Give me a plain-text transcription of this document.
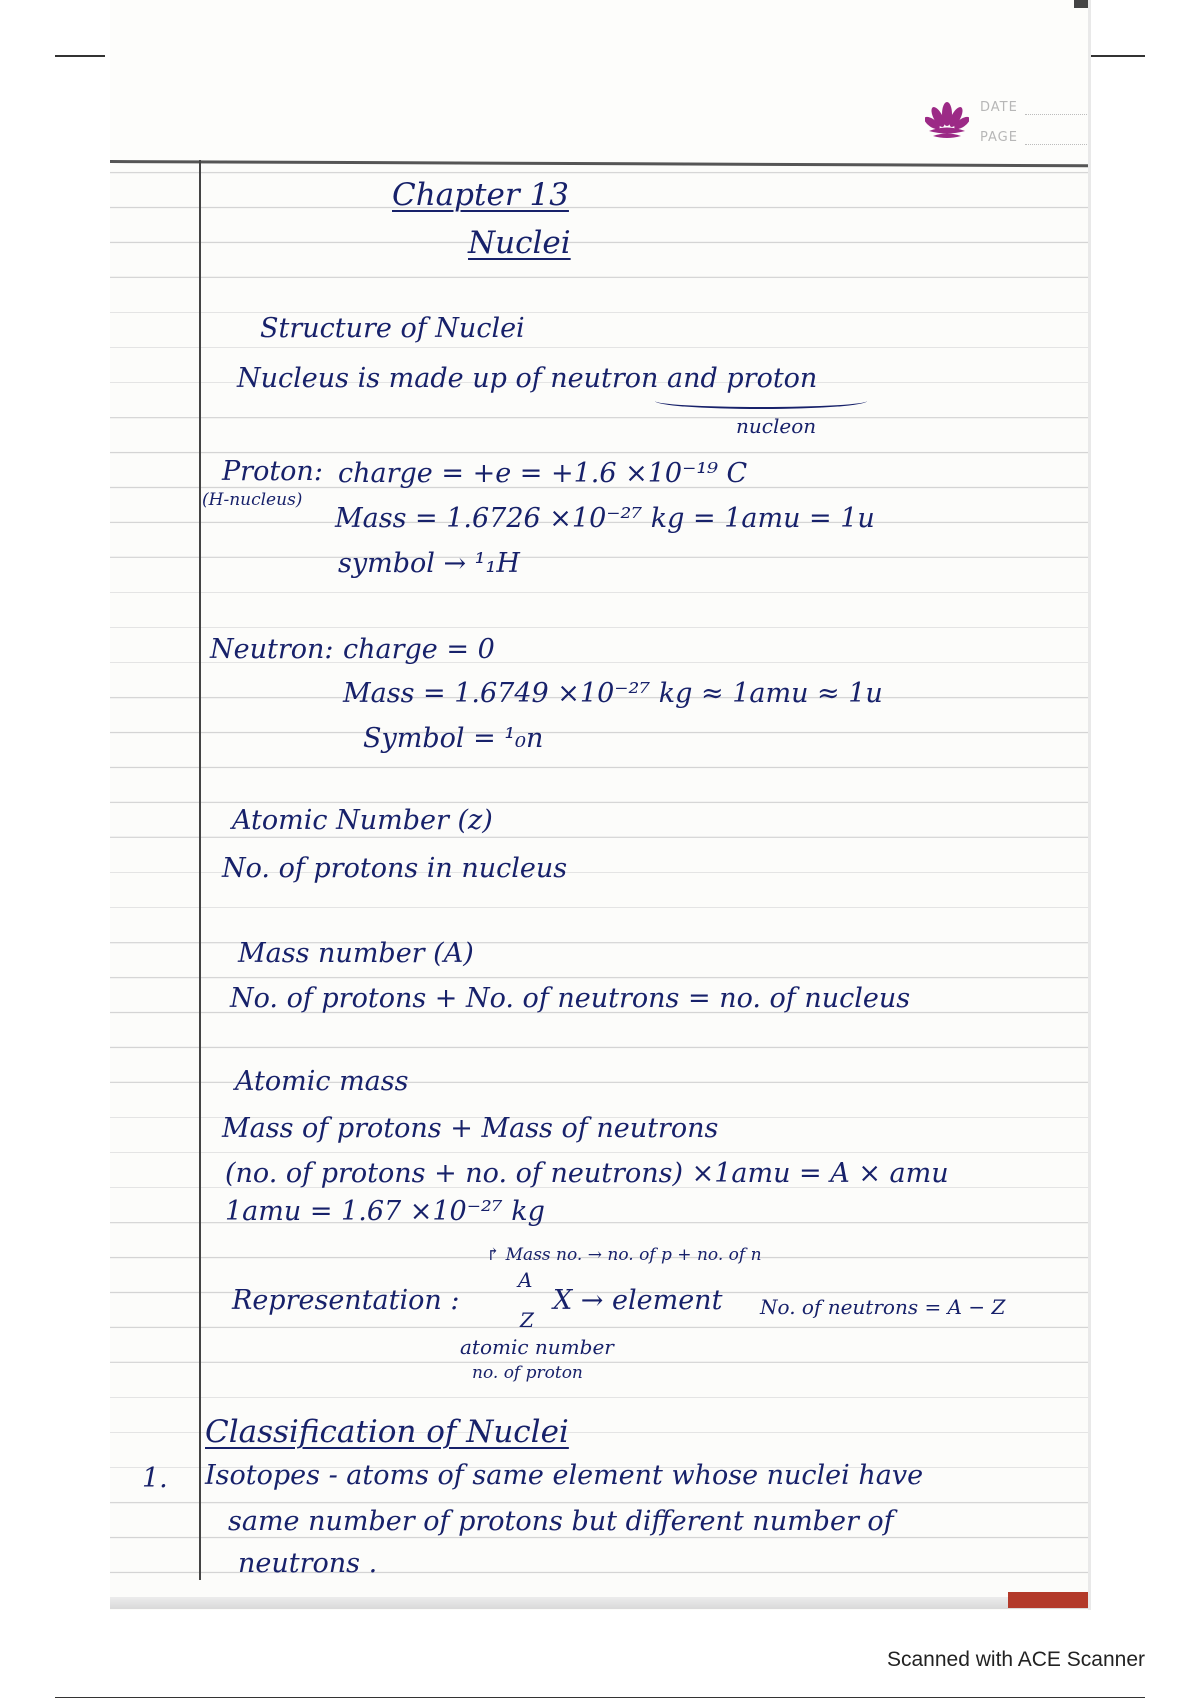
DATE
PAGE
Chapter 13
Nuclei
Structure of Nuclei
Nucleus is made up of neutron and proton
nucleon
Proton:
(H-nucleus)
charge = +e = +1.6 ×10⁻¹⁹ C
Mass = 1.6726 ×10⁻²⁷ kg = 1amu = 1u
symbol → ¹₁H
Neutron: charge = 0
Mass = 1.6749 ×10⁻²⁷ kg ≈ 1amu ≈ 1u
Symbol = ¹₀n
Atomic Number (z)
No. of protons in nucleus
Mass number (A)
No. of protons + No. of neutrons = no. of nucleus
Atomic mass
Mass of protons + Mass of neutrons
(no. of protons + no. of neutrons) ×1amu = A × amu
1amu = 1.67 ×10⁻²⁷ kg
↱ Mass no. → no. of p + no. of n
A
Representation :	X → element
Z
atomic number
no. of proton
No. of neutrons = A − Z
Classification of Nuclei
1. Isotopes - atoms of same element whose nuclei have
same number of protons but different number of
neutrons .
Scanned with ACE Scanner
